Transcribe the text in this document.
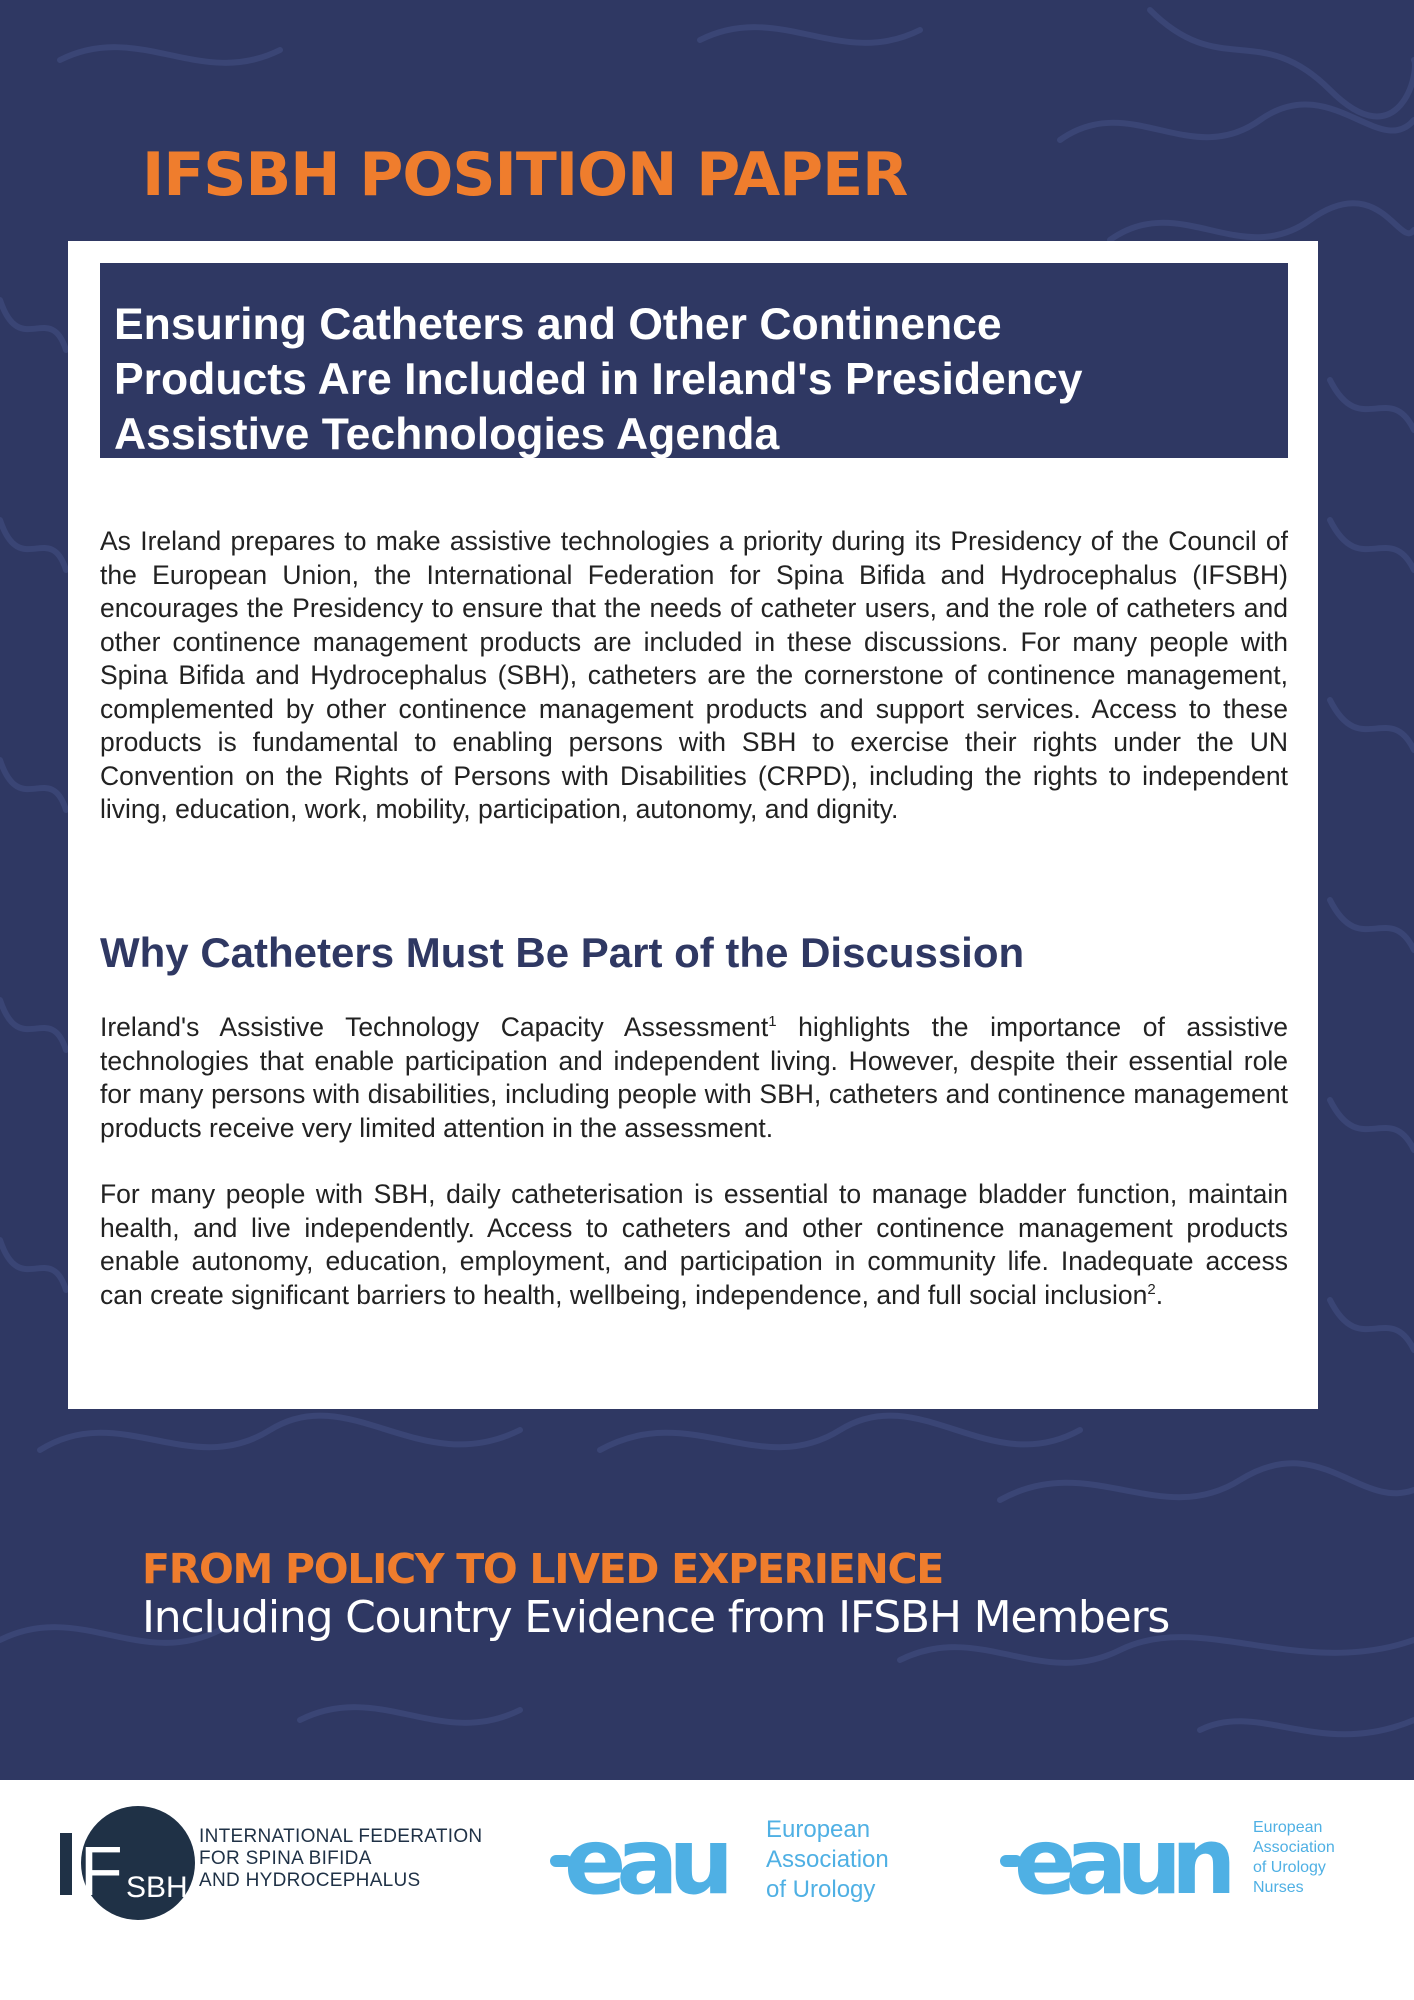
IFSBH POSITION PAPER
Ensuring Catheters and Other Continence
Products Are Included in Ireland's Presidency
Assistive Technologies Agenda

As Ireland prepares to make assistive technologies a priority during its Presidency of the Council of the European Union, the International Federation for Spina Bifida and Hydrocephalus (IFSBH) encourages the Presidency to ensure that the needs of catheter users, and the role of catheters and other continence management products are included in these discussions. For many people with Spina Bifida and Hydrocephalus (SBH), catheters are the cornerstone of continence management, complemented by other continence management products and support services. Access to these products is fundamental to enabling persons with SBH to exercise their rights under the UN Convention on the Rights of Persons with Disabilities (CRPD), including the rights to independent living, education, work, mobility, participation, autonomy, and dignity.

Why Catheters Must Be Part of the Discussion

Ireland's Assistive Technology Capacity Assessment$^1$ highlights the importance of assistive technologies that enable participation and independent living. However, despite their essential role for many persons with disabilities, including people with SBH, catheters and continence management products receive very limited attention in the assessment.

For many people with SBH, daily catheterisation is essential to manage bladder function, maintain health, and live independently. Access to catheters and other continence management products enable autonomy, education, employment, and participation in community life. Inadequate access can create significant barriers to health, wellbeing, independence, and full social inclusion$^2$.

FROM POLICY TO LIVED EXPERIENCE

Including Country Evidence from IFSBH Members

F SBH

INTERNATIONAL FEDERATION
FOR SPINA BIFIDA
AND HYDROCEPHALUS	eau European
Association
of Urology eaun European
Association
of Urology
Nurses
